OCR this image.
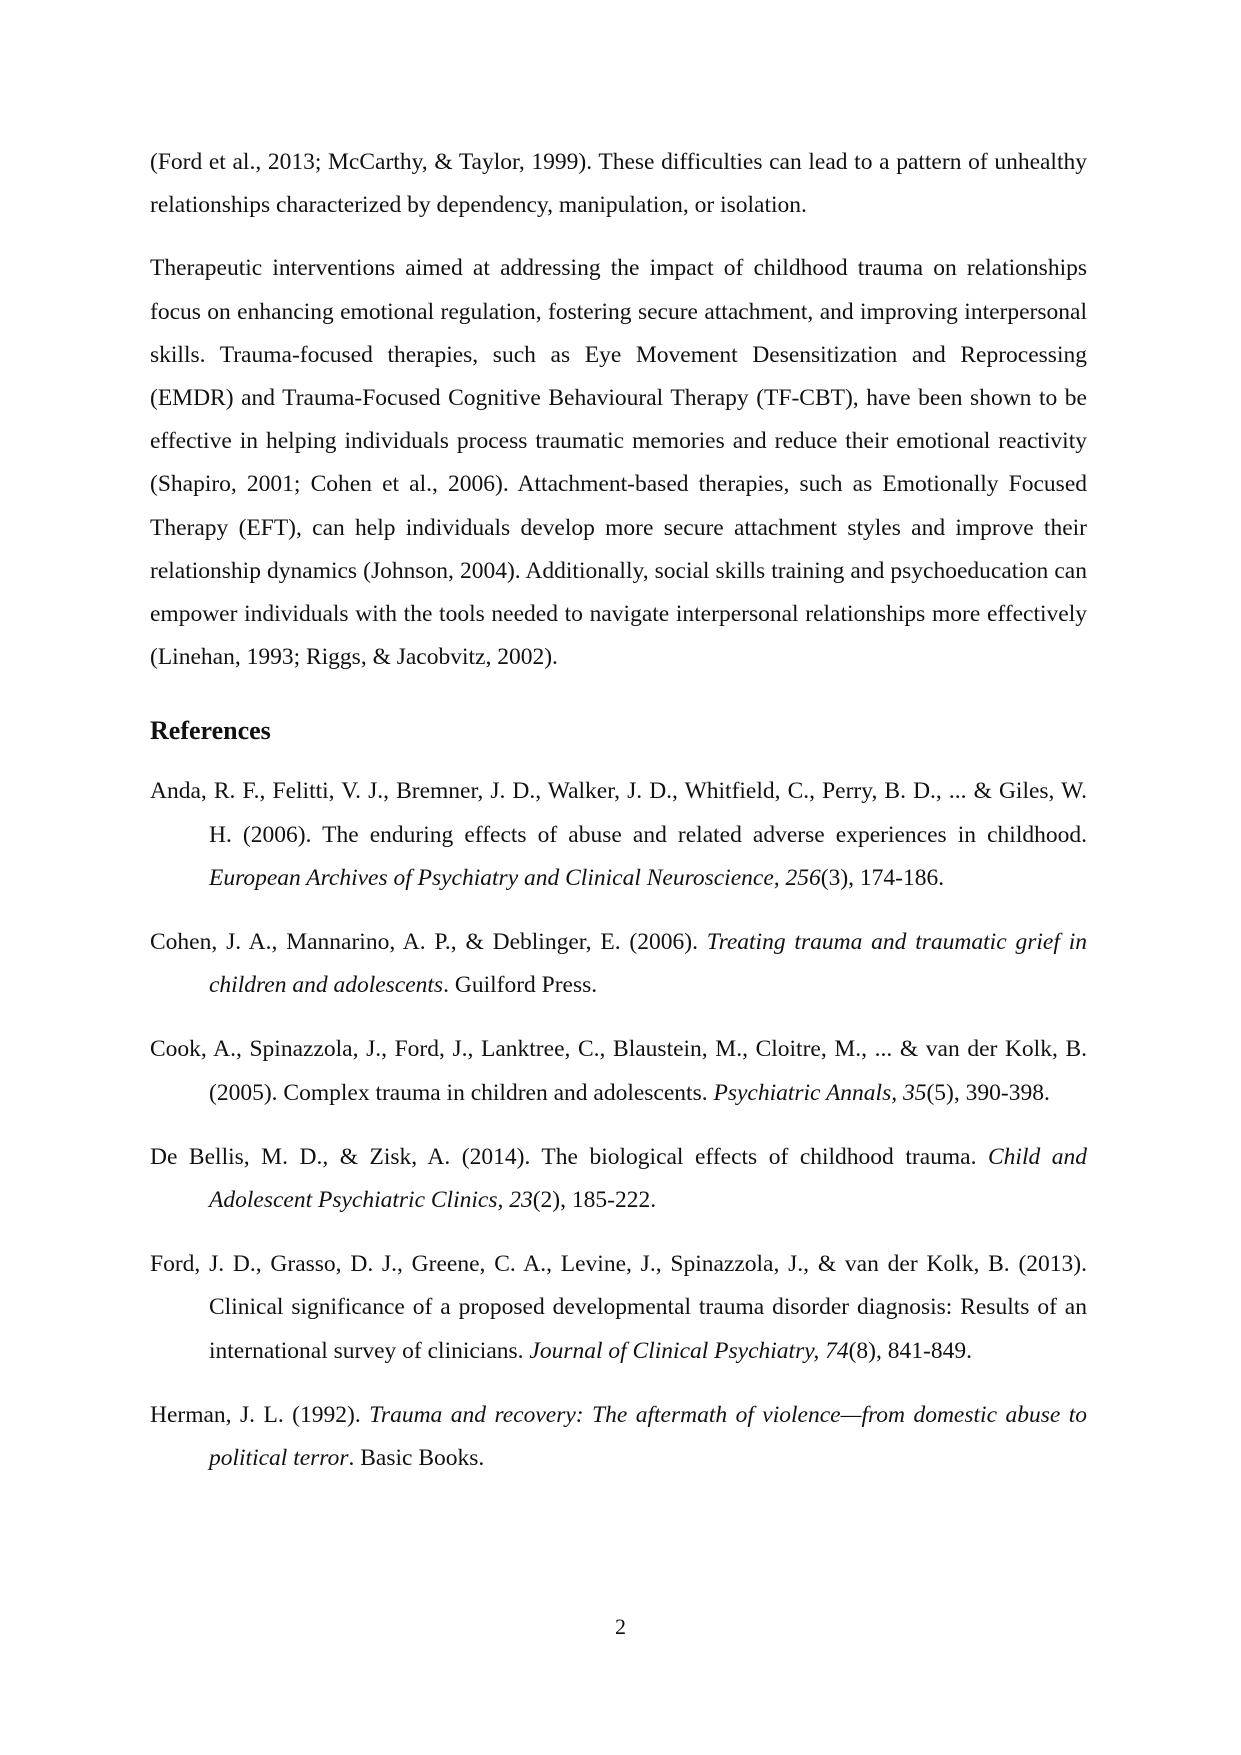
(Ford et al., 2013; McCarthy, & Taylor, 1999). These difficulties can lead to a pattern of unhealthy relationships characterized by dependency, manipulation, or isolation.

Therapeutic interventions aimed at addressing the impact of childhood trauma on relationships focus on enhancing emotional regulation, fostering secure attachment, and improving interpersonal skills. Trauma-focused therapies, such as Eye Movement Desensitization and Reprocessing (EMDR) and Trauma-Focused Cognitive Behavioural Therapy (TF-CBT), have been shown to be effective in helping individuals process traumatic memories and reduce their emotional reactivity (Shapiro, 2001; Cohen et al., 2006). Attachment-based therapies, such as Emotionally Focused Therapy (EFT), can help individuals develop more secure attachment styles and improve their relationship dynamics (Johnson, 2004). Additionally, social skills training and psychoeducation can empower individuals with the tools needed to navigate interpersonal relationships more effectively (Linehan, 1993; Riggs, & Jacobvitz, 2002).

References
Anda, R. F., Felitti, V. J., Bremner, J. D., Walker, J. D., Whitfield, C., Perry, B. D., ... & Giles, W. H. (2006). The enduring effects of abuse and related adverse experiences in childhood. European Archives of Psychiatry and Clinical Neuroscience, 256(3), 174-186.
Cohen, J. A., Mannarino, A. P., & Deblinger, E. (2006). Treating trauma and traumatic grief in children and adolescents. Guilford Press.
Cook, A., Spinazzola, J., Ford, J., Lanktree, C., Blaustein, M., Cloitre, M., ... & van der Kolk, B. (2005). Complex trauma in children and adolescents. Psychiatric Annals, 35(5), 390-398.
De Bellis, M. D., & Zisk, A. (2014). The biological effects of childhood trauma. Child and Adolescent Psychiatric Clinics, 23(2), 185-222.
Ford, J. D., Grasso, D. J., Greene, C. A., Levine, J., Spinazzola, J., & van der Kolk, B. (2013). Clinical significance of a proposed developmental trauma disorder diagnosis: Results of an international survey of clinicians. Journal of Clinical Psychiatry, 74(8), 841-849.
Herman, J. L. (1992). Trauma and recovery: The aftermath of violence—from domestic abuse to political terror. Basic Books.
2
